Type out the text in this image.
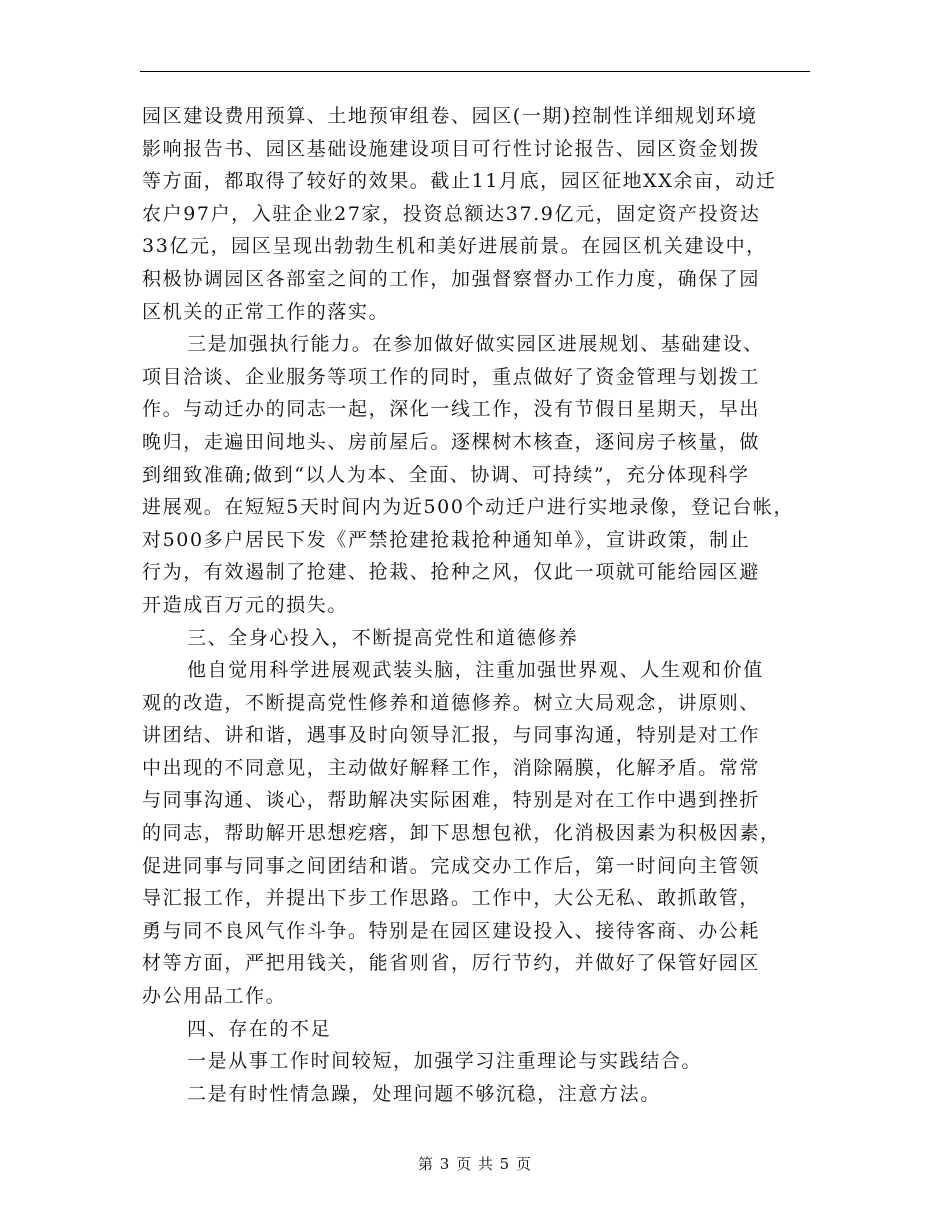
园区建设费用预算、土地预审组卷、园区(一期)控制性详细规划环境
影响报告书、园区基础设施建设项目可行性讨论报告、园区资金划拨
等方面，都取得了较好的效果。截止11月底，园区征地XX余亩，动迁
农户97户，入驻企业27家，投资总额达37.9亿元，固定资产投资达
33亿元，园区呈现出勃勃生机和美好进展前景。在园区机关建设中，
积极协调园区各部室之间的工作，加强督察督办工作力度，确保了园
区机关的正常工作的落实。
三是加强执行能力。在参加做好做实园区进展规划、基础建设、
项目洽谈、企业服务等项工作的同时，重点做好了资金管理与划拨工
作。与动迁办的同志一起，深化一线工作，没有节假日星期天，早出
晚归，走遍田间地头、房前屋后。逐棵树木核查，逐间房子核量，做
到细致准确;做到“以人为本、全面、协调、可持续”，充分体现科学
进展观。在短短5天时间内为近500个动迁户进行实地录像，登记台帐，
对500多户居民下发《严禁抢建抢栽抢种通知单》，宣讲政策，制止
行为，有效遏制了抢建、抢栽、抢种之风，仅此一项就可能给园区避
开造成百万元的损失。
三、全身心投入，不断提高党性和道德修养
他自觉用科学进展观武装头脑，注重加强世界观、人生观和价值
观的改造，不断提高党性修养和道德修养。树立大局观念，讲原则、
讲团结、讲和谐，遇事及时向领导汇报，与同事沟通，特别是对工作
中出现的不同意见，主动做好解释工作，消除隔膜，化解矛盾。常常
与同事沟通、谈心，帮助解决实际困难，特别是对在工作中遇到挫折
的同志，帮助解开思想疙瘩，卸下思想包袱，化消极因素为积极因素，
促进同事与同事之间团结和谐。完成交办工作后，第一时间向主管领
导汇报工作，并提出下步工作思路。工作中，大公无私、敢抓敢管，
勇与同不良风气作斗争。特别是在园区建设投入、接待客商、办公耗
材等方面，严把用钱关，能省则省，厉行节约，并做好了保管好园区
办公用品工作。
四、存在的不足
一是从事工作时间较短，加强学习注重理论与实践结合。
二是有时性情急躁，处理问题不够沉稳，注意方法。
第 3 页 共 5 页
